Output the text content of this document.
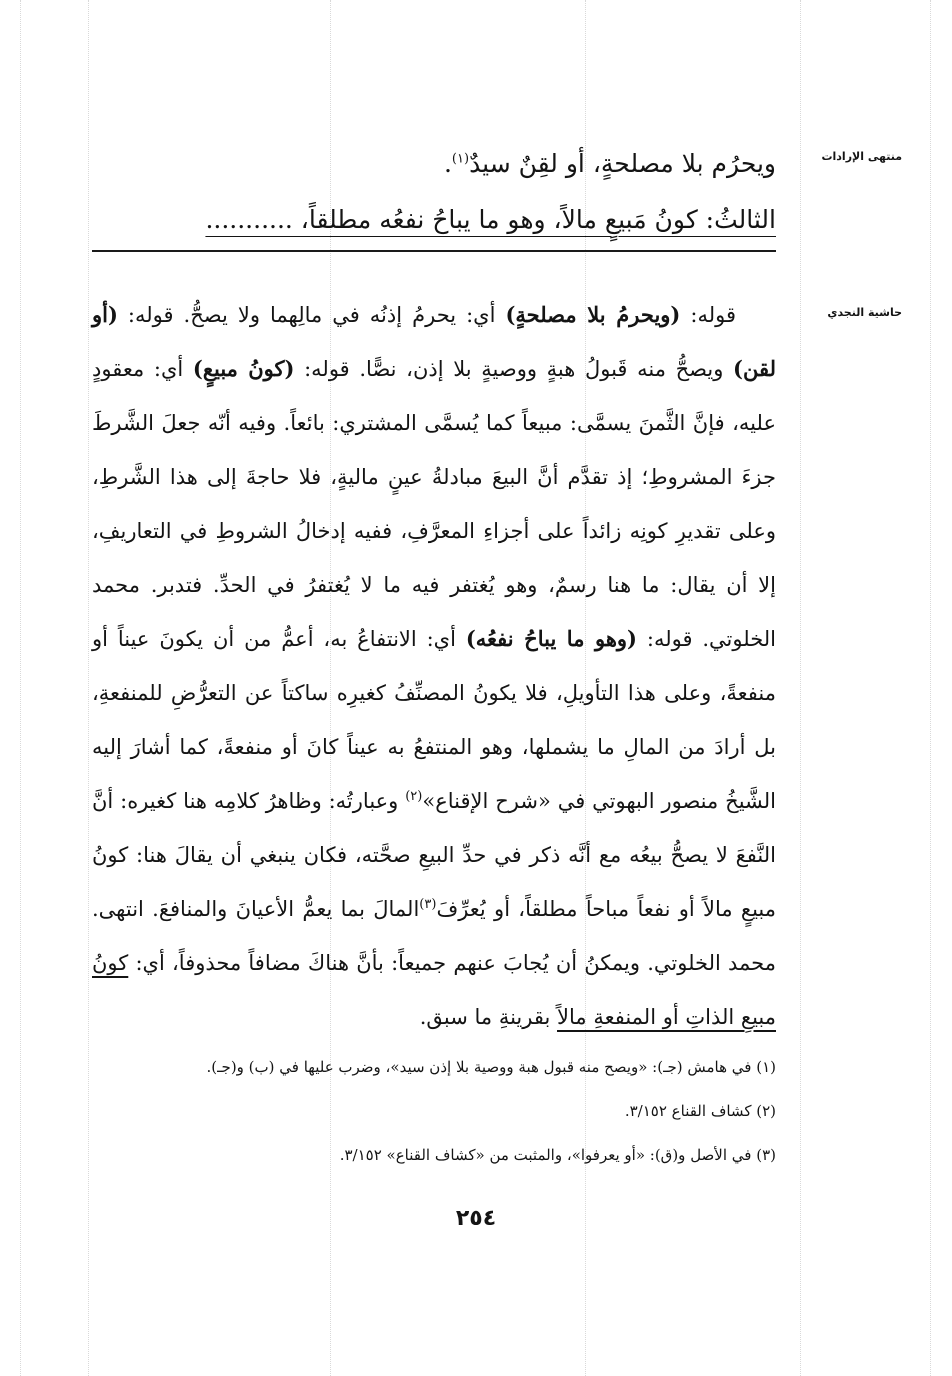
منتهى الإرادات
حاشية النجدي

ويحرُم بلا مصلحةٍ، أو لقِنٌ سيدٌ$^{(١)}$.

الثالثُ: كونُ مَبيعٍ مالاً، وهو ما يباحُ نفعُه مطلقاً، ...........

قوله: (ويحرمُ بلا مصلحةٍ) أي: يحرمُ إذنُه في مالِهما ولا يصحُّ. قوله: (أو لقن) ويصحُّ منه قَبولُ هبةٍ ووصيةٍ بلا إذن، نصًّا. قوله: (كونُ مبيعٍ) أي: معقودٍ عليه، فإنَّ الثَّمنَ يسمَّى: مبيعاً كما يُسمَّى المشتري: بائعاً. وفيه أنّه جعلَ الشَّرطَ جزءَ المشروطِ؛ إذ تقدَّم أنَّ البيعَ مبادلةُ عينٍ ماليةٍ، فلا حاجةَ إلى هذا الشَّرطِ، وعلى تقديرِ كونِه زائداً على أجزاءِ المعرَّفِ، ففيه إدخالُ الشروطِ في التعاريفِ، إلا أن يقال: ما هنا رسمٌ، وهو يُغتفر فيه ما لا يُغتفرُ في الحدِّ. فتدبر. محمد الخلوتي. قوله: (وهو ما يباحُ نفعُه) أي: الانتفاعُ به، أعمُّ من أن يكونَ عيناً أو منفعةً، وعلى هذا التأويلِ، فلا يكونُ المصنِّفُ كغيرِه ساكتاً عن التعرُّضِ للمنفعةِ، بل أرادَ من المالِ ما يشملها، وهو المنتفعُ به عيناً كانَ أو منفعةً، كما أشارَ إليه الشَّيخُ منصور البهوتي في «شرح الإقناع»$^{(٢)}$ وعبارتُه: وظاهرُ كلامِه هنا كغيره: أنَّ النَّفعَ لا يصحُّ بيعُه مع أنَّه ذكر في حدِّ البيعِ صحَّته، فكان ينبغي أن يقالَ هنا: كونُ مبيعٍ مالاً أو نفعاً مباحاً مطلقاً، أو يُعرِّفَ$^{(٣)}$المالَ بما يعمُّ الأعيانَ والمنافعَ. انتهى. محمد الخلوتي. ويمكنُ أن يُجابَ عنهم جميعاً: بأنَّ هناكَ مضافاً محذوفاً، أي: كونُ مبيعِ الذاتِ أو المنفعةِ مالاً بقرينةِ ما سبق.

(١) في هامش (جـ): «ويصح منه قبول هبة ووصية بلا إذن سيد»، وضرب عليها في (ب) و(جـ).
(٢) كشاف القناع ٣/١٥٢.
(٣) في الأصل و(ق): «أو يعرفوا»، والمثبت من «كشاف القناع» ٣/١٥٢.
٢٥٤
